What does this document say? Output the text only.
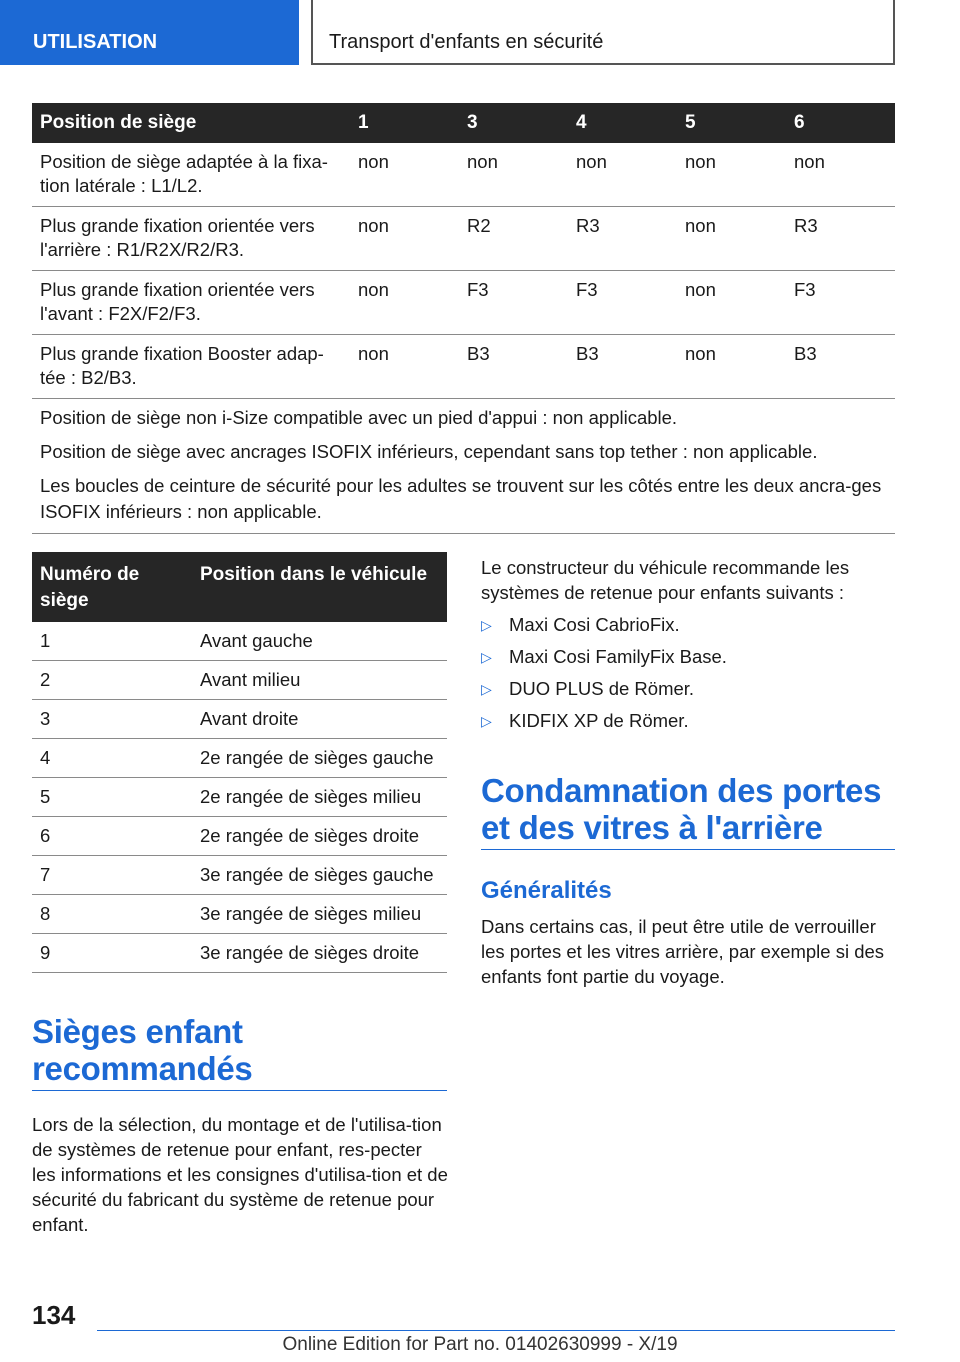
UTILISATION	Transport d'enfants en sécurité
Position de siège	1	3	4	5	6
Position de siège adaptée à la fixa-tion latérale : L1/L2.	non	non	non	non	non
Plus grande fixation orientée vers l'arrière : R1/R2X/R2/R3.	non	R2	R3	non	R3
Plus grande fixation orientée vers l'avant : F2X/F2/F3.	non	F3	F3	non	F3
Plus grande fixation Booster adap-tée : B2/B3.	non	B3	B3	non	B3

Position de siège non i-Size compatible avec un pied d'appui : non applicable.

Position de siège avec ancrages ISOFIX inférieurs, cependant sans top tether : non applicable.

Les boucles de ceinture de sécurité pour les adultes se trouvent sur les côtés entre les deux ancra-ges ISOFIX inférieurs : non applicable.					

Numéro de siège	Position dans le véhicule
1	Avant gauche
2	Avant milieu
3	Avant droite
4	2e rangée de sièges gauche
5	2e rangée de sièges milieu
6	2e rangée de sièges droite
7	3e rangée de sièges gauche
8	3e rangée de sièges milieu
9	3e rangée de sièges droite
Sièges enfant recommandés
Lors de la sélection, du montage et de l'utilisa-tion de systèmes de retenue pour enfant, res-pecter les informations et les consignes d'utilisa-tion et de sécurité du fabricant du système de retenue pour enfant.
Le constructeur du véhicule recommande les systèmes de retenue pour enfants suivants :
▷ Maxi Cosi CabrioFix.
▷ Maxi Cosi FamilyFix Base.
▷ DUO PLUS de Römer.
▷ KIDFIX XP de Römer.
Condamnation des portes et des vitres à l'arrière
Généralités
Dans certains cas, il peut être utile de verrouiller les portes et les vitres arrière, par exemple si des enfants font partie du voyage.
134
Online Edition for Part no. 01402630999 - X/19
